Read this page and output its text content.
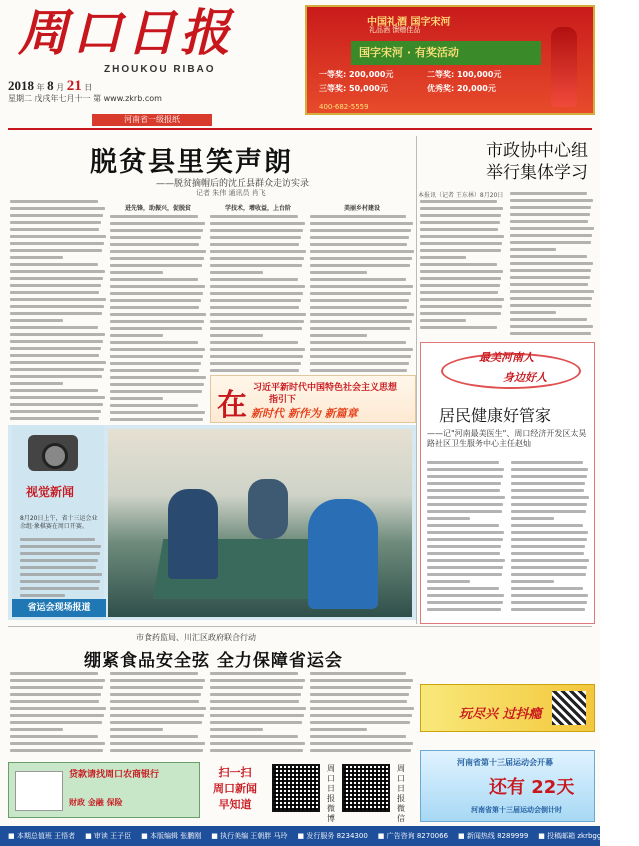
周口日报
ZHOUKOU RIBAO
2018 年 8 月 21 日
星期二 戊戌年七月十一 第 www.zkrb.com
河南省一级报纸
中国礼酒 国字宋河
礼品酒 馈赠佳品
国字宋河 · 有奖活动
一等奖: 200,000元	二等奖: 100,000元
三等奖: 50,000元	优秀奖: 20,000元
400-682-5559
脱贫县里笑声朗
——脱贫摘帽后的沈丘县群众走访实录
记者 朱伟 通讯员 肖飞
进先锋，助振兴，促脱贫	学技术，增收益，上台阶	美丽乡村建设
在 习近平新时代中国特色社会主义思想
指引下
新时代 新作为 新篇章
市政协中心组
举行集体学习
本报讯（记者 王东林）8月20日
最美河南人
身边好人
居民健康好管家
——记"河南最美医生"、周口经济开发区太昊路社区卫生服务中心主任赵灿
视觉新闻
8月20日上午，省十三运会业余组·象棋赛在周口开赛。
省运会现场报道
市食药监局、川汇区政府联合行动
绷紧食品安全弦 全力保障省运会
玩尽兴 过抖瘾
贷款请找周口农商银行
财政 金融 保险
扫一扫
周口新闻
早知道
周口日报微博
周口日报微信
河南省第十三届运动会开幕
还有 22天
河南省第十三届运动会倒计时
■ 本期总值班 王悟者	■ 审读 王子臣	■ 本版编辑 张鹏刚	■ 执行美编 王朝胖 马玲	■ 发行服务 8234300	■ 广告咨询 8270066	■ 新闻热线 8289999	■ 投稿邮箱 zkrbgg@126.com
